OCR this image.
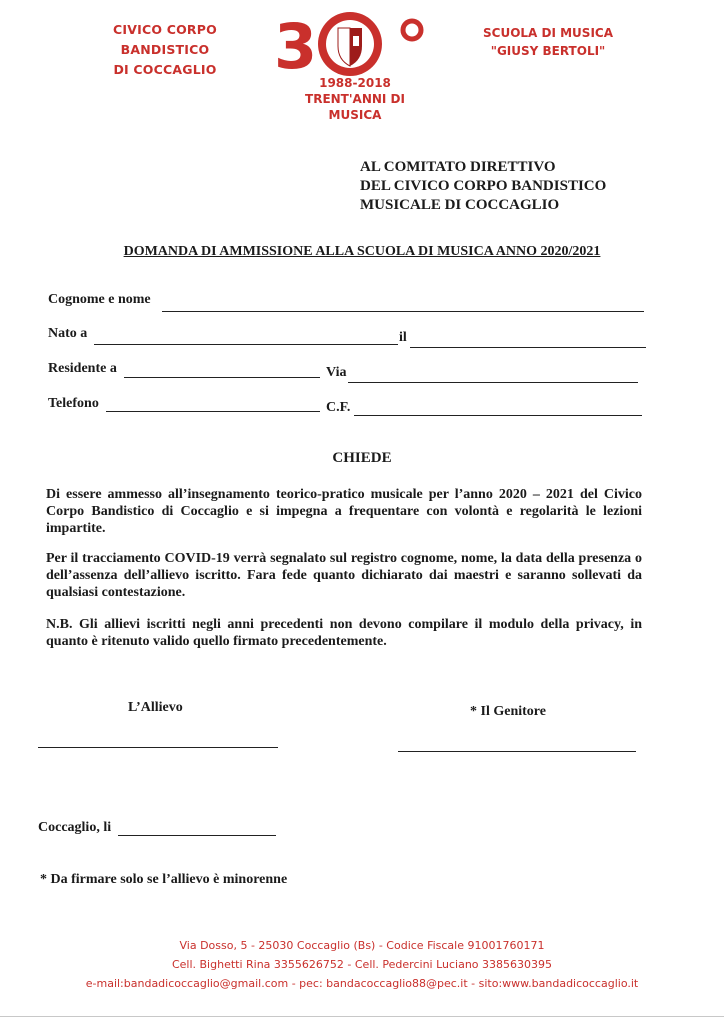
CIVICO CORPO BANDISTICO
DI COCCAGLIO 3 1988-2018
TRENT'ANNI DI MUSICA
SCUOLA DI MUSICA
"GIUSY BERTOLI"
AL COMITATO DIRETTIVO
DEL CIVICO CORPO BANDISTICO
MUSICALE DI COCCAGLIO
DOMANDA DI AMMISSIONE ALLA SCUOLA DI MUSICA ANNO 2020/2021
Cognome e nome
Nato a	il
Residente a	Via
Telefono	C.F.
CHIEDE
Di essere ammesso all’insegnamento teorico-pratico musicale per l’anno 2020 – 2021 del Civico Corpo Bandistico di Coccaglio e si impegna a frequentare con volontà e regolarità le lezioni impartite.
Per il tracciamento COVID-19 verrà segnalato sul registro cognome, nome, la data della presenza o dell’assenza dell’allievo iscritto. Fara fede quanto dichiarato dai maestri e saranno sollevati da qualsiasi contestazione.
N.B. Gli allievi iscritti negli anni precedenti non devono compilare il modulo della privacy, in quanto è ritenuto valido quello firmato precedentemente.
L’Allievo	* Il Genitore
Coccaglio, li
* Da firmare solo se l’allievo è minorenne
Via Dosso, 5 - 25030 Coccaglio (Bs) - Codice Fiscale 91001760171
Cell. Bighetti Rina 3355626752 - Cell. Pedercini Luciano 3385630395
e-mail:bandadicoccaglio@gmail.com - pec: bandacoccaglio88@pec.it - sito:www.bandadicoccaglio.it
